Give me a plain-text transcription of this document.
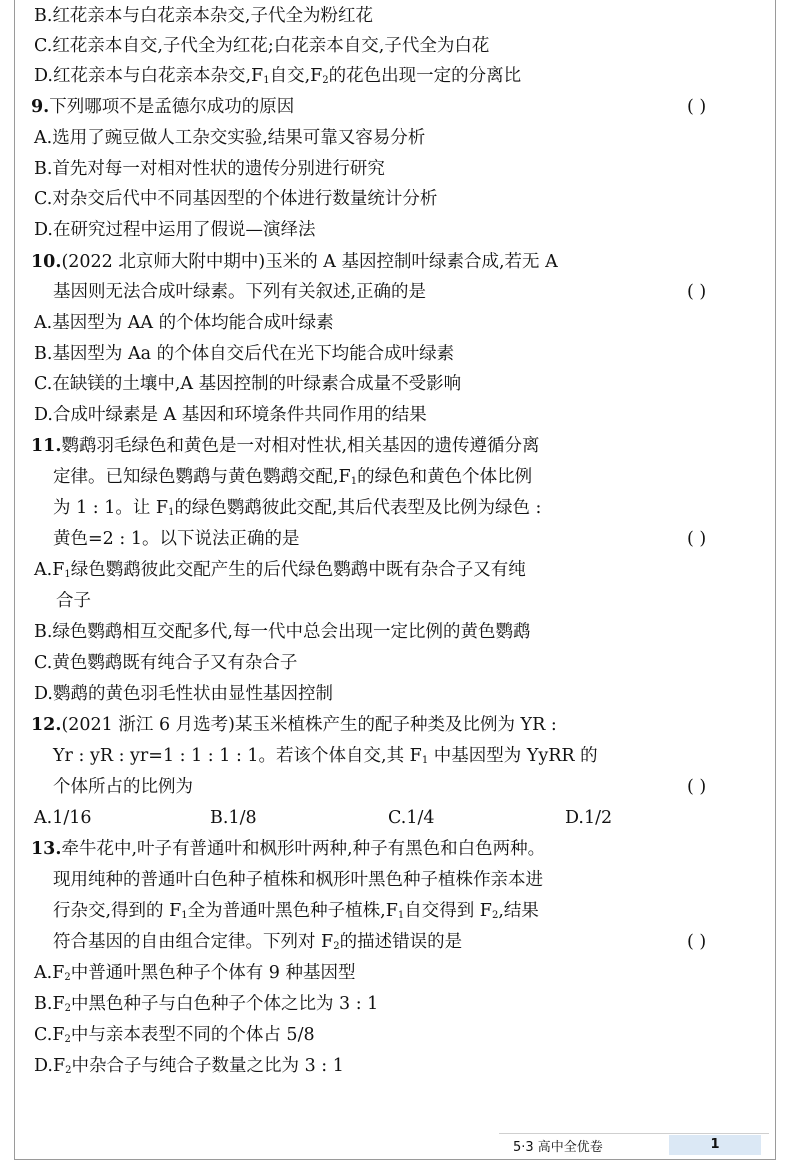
B.红花亲本与白花亲本杂交,子代全为粉红花
C.红花亲本自交,子代全为红花;白花亲本自交,子代全为白花
D.红花亲本与白花亲本杂交$,F_1$自交$,F_2$的花色出现一定的分离比
9.下列哪项不是孟德尔成功的原因	( )
A.选用了豌豆做人工杂交实验,结果可靠又容易分析
B.首先对每一对相对性状的遗传分别进行研究
C.对杂交后代中不同基因型的个体进行数量统计分析
D.在研究过程中运用了假说—演绎法
10.(2022 北京师大附中期中)玉米的 A 基因控制叶绿素合成,若无 A
基因则无法合成叶绿素。下列有关叙述,正确的是	( )
A.基因型为 AA 的个体均能合成叶绿素
B.基因型为 Aa 的个体自交后代在光下均能合成叶绿素
C.在缺镁的土壤中,A 基因控制的叶绿素合成量不受影响
D.合成叶绿素是 A 基因和环境条件共同作用的结果
11.鹦鹉羽毛绿色和黄色是一对相对性状,相关基因的遗传遵循分离
定律。已知绿色鹦鹉与黄色鹦鹉交配$,F_1$的绿色和黄色个体比例
为 1 : 1。让 $F_1$的绿色鹦鹉彼此交配,其后代表型及比例为绿色 :
黄色=2 : 1。以下说法正确的是	( )
$A.F_1$绿色鹦鹉彼此交配产生的后代绿色鹦鹉中既有杂合子又有纯
合子
B.绿色鹦鹉相互交配多代,每一代中总会出现一定比例的黄色鹦鹉
C.黄色鹦鹉既有纯合子又有杂合子
D.鹦鹉的黄色羽毛性状由显性基因控制
12.(2021 浙江 6 月选考)某玉米植株产生的配子种类及比例为 YR :
Yr : yR : yr=1 : 1 : 1 : 1。若该个体自交,其 $F_1$ 中基因型为 YyRR 的
个体所占的比例为	( )
A.1/16	B.1/8	C.1/4	D.1/2
13.牵牛花中,叶子有普通叶和枫形叶两种,种子有黑色和白色两种。
现用纯种的普通叶白色种子植株和枫形叶黑色种子植株作亲本进
行杂交,得到的 $F_1$全为普通叶黑色种子植株$,F_1$自交得到 $F_2$,结果
符合基因的自由组合定律。下列对 $F_2$的描述错误的是	( )
$A.F_2$中普通叶黑色种子个体有 9 种基因型
$B.F_2$中黑色种子与白色种子个体之比为 3 : 1
$C.F_2$中与亲本表型不同的个体占 5/8
$D.F_2$中杂合子与纯合子数量之比为 3 : 1
5·3 高中全优卷	1
